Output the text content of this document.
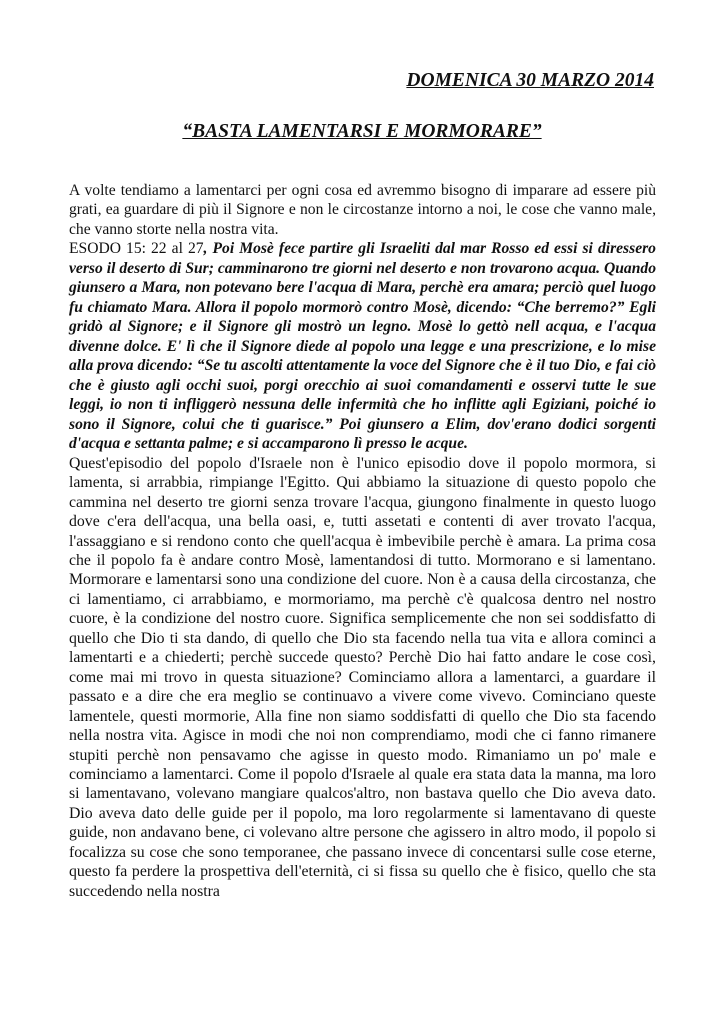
DOMENICA 30 MARZO 2014
“BASTA LAMENTARSI E MORMORARE”

A volte tendiamo a lamentarci per ogni cosa ed avremmo bisogno di imparare ad essere più grati, ea guardare di più il Signore e non le circostanze intorno a noi, le cose che vanno male, che vanno storte nella nostra vita.

ESODO 15: 22 al 27, Poi Mosè fece partire gli Israeliti dal mar Rosso ed essi si diressero verso il deserto di Sur; camminarono tre giorni nel deserto e non trovarono acqua. Quando giunsero a Mara, non potevano bere l'acqua di Mara, perchè era amara; perciò quel luogo fu chiamato Mara. Allora il popolo mormorò contro Mosè, dicendo: “Che berremo?” Egli gridò al Signore; e il Signore gli mostrò un legno. Mosè lo gettò nell acqua, e l'acqua divenne dolce. E' lì che il Signore diede al popolo una legge e una prescrizione, e lo mise alla prova dicendo: “Se tu ascolti attentamente la voce del Signore che è il tuo Dio, e fai ciò che è giusto agli occhi suoi, porgi orecchio ai suoi comandamenti e osservi tutte le sue leggi, io non ti infliggerò nessuna delle infermità che ho inflitte agli Egiziani, poiché io sono il Signore, colui che ti guarisce.” Poi giunsero a Elim, dov'erano dodici sorgenti d'acqua e settanta palme; e si accamparono lì presso le acque.

Quest'episodio del popolo d'Israele non è l'unico episodio dove il popolo mormora, si lamenta, si arrabbia, rimpiange l'Egitto. Qui abbiamo la situazione di questo popolo che cammina nel deserto tre giorni senza trovare l'acqua, giungono finalmente in questo luogo dove c'era dell'acqua, una bella oasi, e, tutti assetati e contenti di aver trovato l'acqua, l'assaggiano e si rendono conto che quell'acqua è imbevibile perchè è amara. La prima cosa che il popolo fa è andare contro Mosè, lamentandosi di tutto. Mormorano e si lamentano. Mormorare e lamentarsi sono una condizione del cuore. Non è a causa della circostanza, che ci lamentiamo, ci arrabbiamo, e mormoriamo, ma perchè c'è qualcosa dentro nel nostro cuore, è la condizione del nostro cuore. Significa semplicemente che non sei soddisfatto di quello che Dio ti sta dando, di quello che Dio sta facendo nella tua vita e allora cominci a lamentarti e a chiederti; perchè succede questo? Perchè Dio hai fatto andare le cose così, come mai mi trovo in questa situazione? Cominciamo allora a lamentarci, a guardare il passato e a dire che era meglio se continuavo a vivere come vivevo. Cominciano queste lamentele, questi mormorie, Alla fine non siamo soddisfatti di quello che Dio sta facendo nella nostra vita. Agisce in modi che noi non comprendiamo, modi che ci fanno rimanere stupiti perchè non pensavamo che agisse in questo modo. Rimaniamo un po' male e cominciamo a lamentarci. Come il popolo d'Israele al quale era stata data la manna, ma loro si lamentavano, volevano mangiare qualcos'altro, non bastava quello che Dio aveva dato. Dio aveva dato delle guide per il popolo, ma loro regolarmente si lamentavano di queste guide, non andavano bene, ci volevano altre persone che agissero in altro modo, il popolo si focalizza su cose che sono temporanee, che passano invece di concentarsi sulle cose eterne, questo fa perdere la prospettiva dell'eternità, ci si fissa su quello che è fisico, quello che sta succedendo nella nostra
